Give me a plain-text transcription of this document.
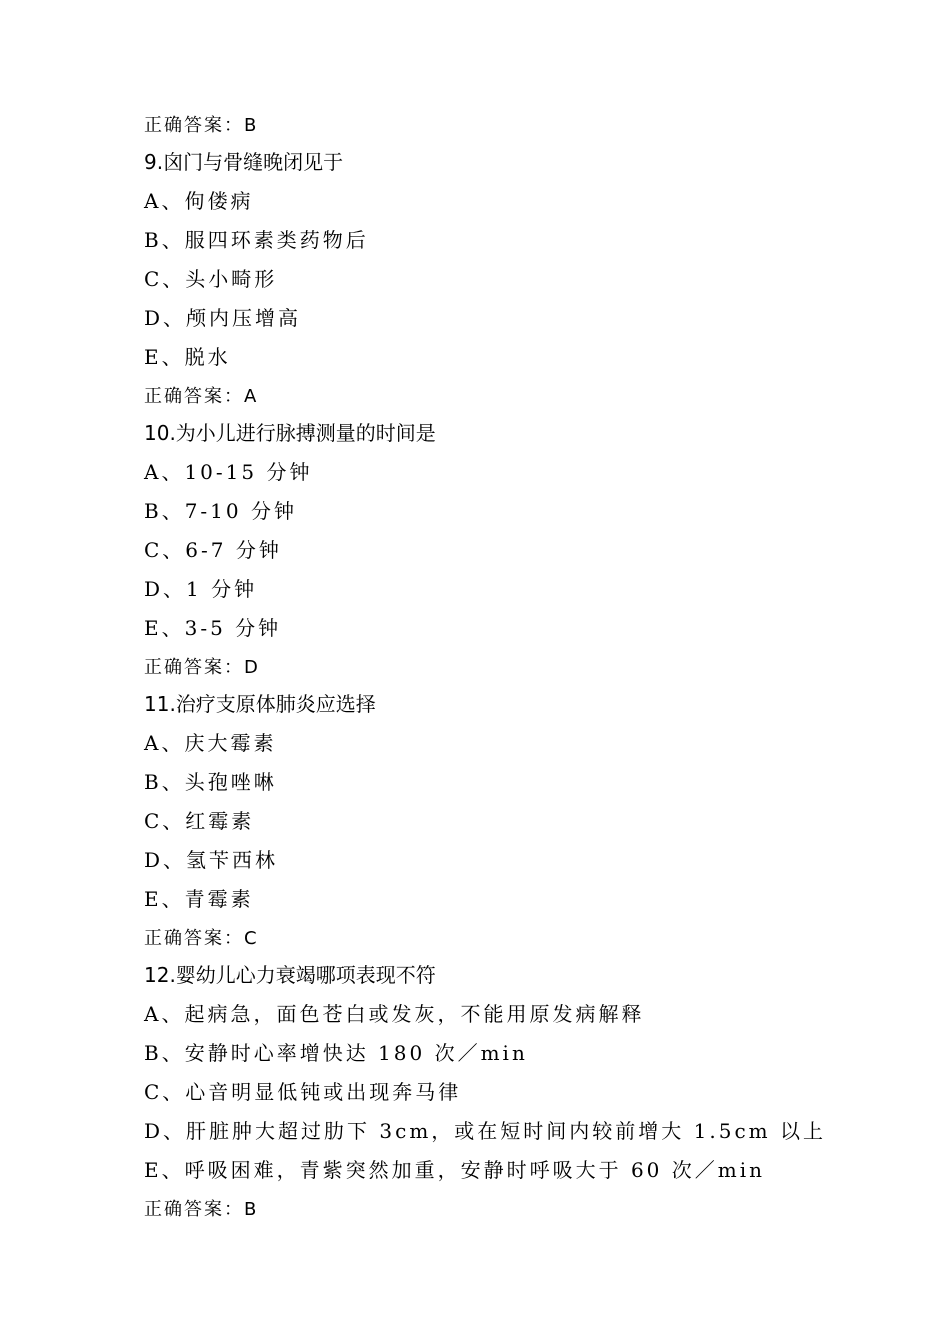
正确答案：B
9.囟门与骨缝晚闭见于
A、佝偻病
B、服四环素类药物后
C、头小畸形
D、颅内压增高
E、脱水
正确答案：A
10.为小儿进行脉搏测量的时间是
A、10-15 分钟
B、7-10 分钟
C、6-7 分钟
D、1 分钟
E、3-5 分钟
正确答案：D
11.治疗支原体肺炎应选择
A、庆大霉素
B、头孢唑啉
C、红霉素
D、氢苄西林
E、青霉素
正确答案：C
12.婴幼儿心力衰竭哪项表现不符
A、起病急，面色苍白或发灰，不能用原发病解释
B、安静时心率增快达 180 次／min
C、心音明显低钝或出现奔马律
D、肝脏肿大超过肋下 3cm，或在短时间内较前增大 1.5cm 以上
E、呼吸困难，青紫突然加重，安静时呼吸大于 60 次／min
正确答案：B
